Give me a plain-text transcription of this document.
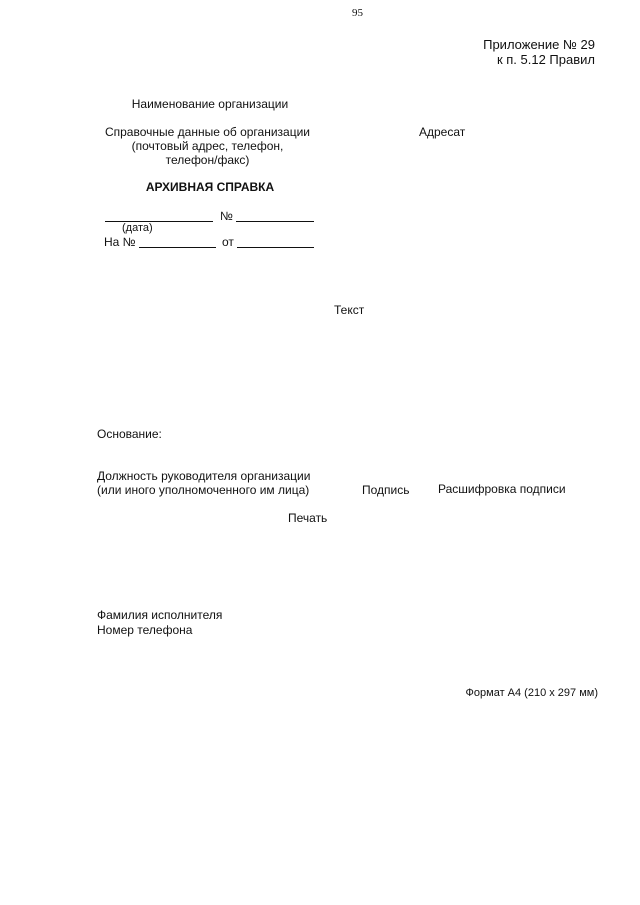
95
Приложение № 29
к п. 5.12 Правил
Наименование организации
Справочные данные об организации
(почтовый адрес, телефон,
телефон/факс)
Адресат
АРХИВНАЯ СПРАВКА
№
(дата)
На №	от
Текст
Основание:
Должность руководителя организации
(или иного уполномоченного им лица)	Подпись Расшифровка подписи
Печать
Фамилия исполнителя
Номер телефона
Формат А4 (210 х 297 мм)
